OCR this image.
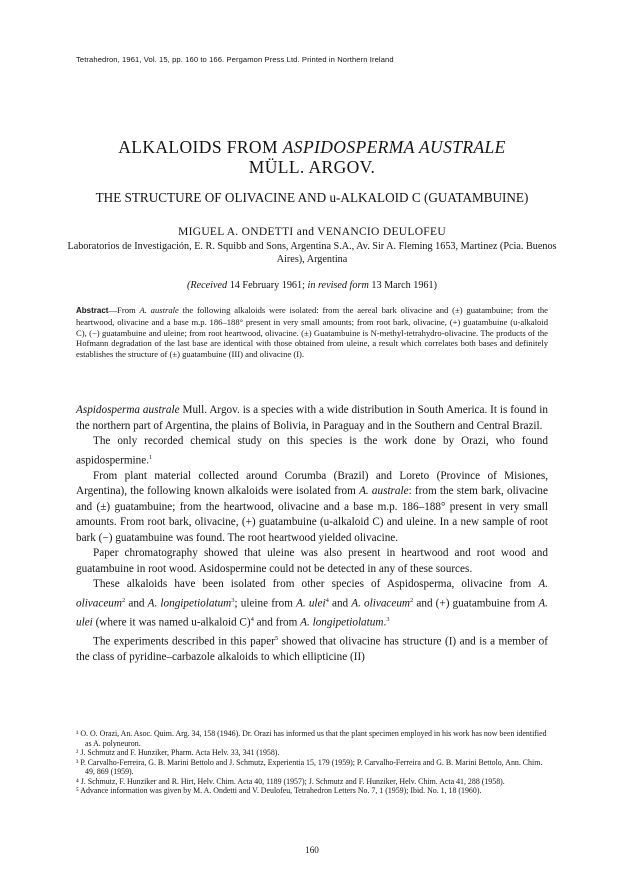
Tetrahedron, 1961, Vol. 15, pp. 160 to 166. Pergamon Press Ltd. Printed in Northern Ireland
ALKALOIDS FROM ASPIDOSPERMA AUSTRALE
MÜLL. ARGOV.
THE STRUCTURE OF OLIVACINE AND u-ALKALOID C (GUATAMBUINE)
MIGUEL A. ONDETTI and VENANCIO DEULOFEU
Laboratorios de Investigación, E. R. Squibb and Sons, Argentina S.A., Av. Sir A. Fleming 1653, Martinez (Pcia. Buenos Aires), Argentina
(Received 14 February 1961; in revised form 13 March 1961)
Abstract—From A. australe the following alkaloids were isolated: from the aereal bark olivacine and (±) guatambuine; from the heartwood, olivacine and a base m.p. 186–188° present in very small amounts; from root bark, olivacine, (+) guatambuine (u-alkaloid C), (−) guatambuine and uleine; from root heartwood, olivacine. (±) Guatambuine is N-methyl-tetrahydro-olivacine. The products of the Hofmann degradation of the last base are identical with those obtained from uleine, a result which correlates both bases and definitely establishes the structure of (±) guatambuine (III) and olivacine (I).

Aspidosperma australe Mull. Argov. is a species with a wide distribution in South America. It is found in the northern part of Argentina, the plains of Bolivia, in Paraguay and in the Southern and Central Brazil.

The only recorded chemical study on this species is the work done by Orazi, who found aspidospermine.$^1$

From plant material collected around Corumba (Brazil) and Loreto (Province of Misiones, Argentina), the following known alkaloids were isolated from A. australe: from the stem bark, olivacine and (±) guatambuine; from the heartwood, olivacine and a base m.p. 186–188° present in very small amounts. From root bark, olivacine, (+) guatambuine (u-alkaloid C) and uleine. In a new sample of root bark (−) guatambuine was found. The root heartwood yielded olivacine.

Paper chromatography showed that uleine was also present in heartwood and root wood and guatambuine in root wood. Asidospermine could not be detected in any of these sources.

These alkaloids have been isolated from other species of Aspidosperma, olivacine from A. olivaceum$^2$ and A. longipetiolatum$^3$; uleine from A. ulei$^4$ and A. olivaceum$^2$ and (+) guatambuine from A. ulei (where it was named u-alkaloid C)$^4$ and from A. longipetiolatum.$^3$

The experiments described in this paper$^5$ showed that olivacine has structure (I) and is a member of the class of pyridine–carbazole alkaloids to which ellipticine (II)

¹ O. O. Orazi, An. Asoc. Quim. Arg. 34, 158 (1946). Dr. Orazi has informed us that the plant specimen employed in his work has now been identified as A. polyneuron.
² J. Schmutz and F. Hunziker, Pharm. Acta Helv. 33, 341 (1958).
³ P. Carvalho-Ferreira, G. B. Marini Bettolo and J. Schmutz, Experientia 15, 179 (1959); P. Carvalho-Ferreira and G. B. Marini Bettolo, Ann. Chim. 49, 869 (1959).
⁴ J. Schmutz, F. Hunziker and R. Hirt, Helv. Chim. Acta 40, 1189 (1957); J. Schmutz and F. Hunziker, Helv. Chim. Acta 41, 288 (1958).
⁵ Advance information was given by M. A. Ondetti and V. Deulofeu, Tetrahedron Letters No. 7, 1 (1959); Ibid. No. 1, 18 (1960).
160
